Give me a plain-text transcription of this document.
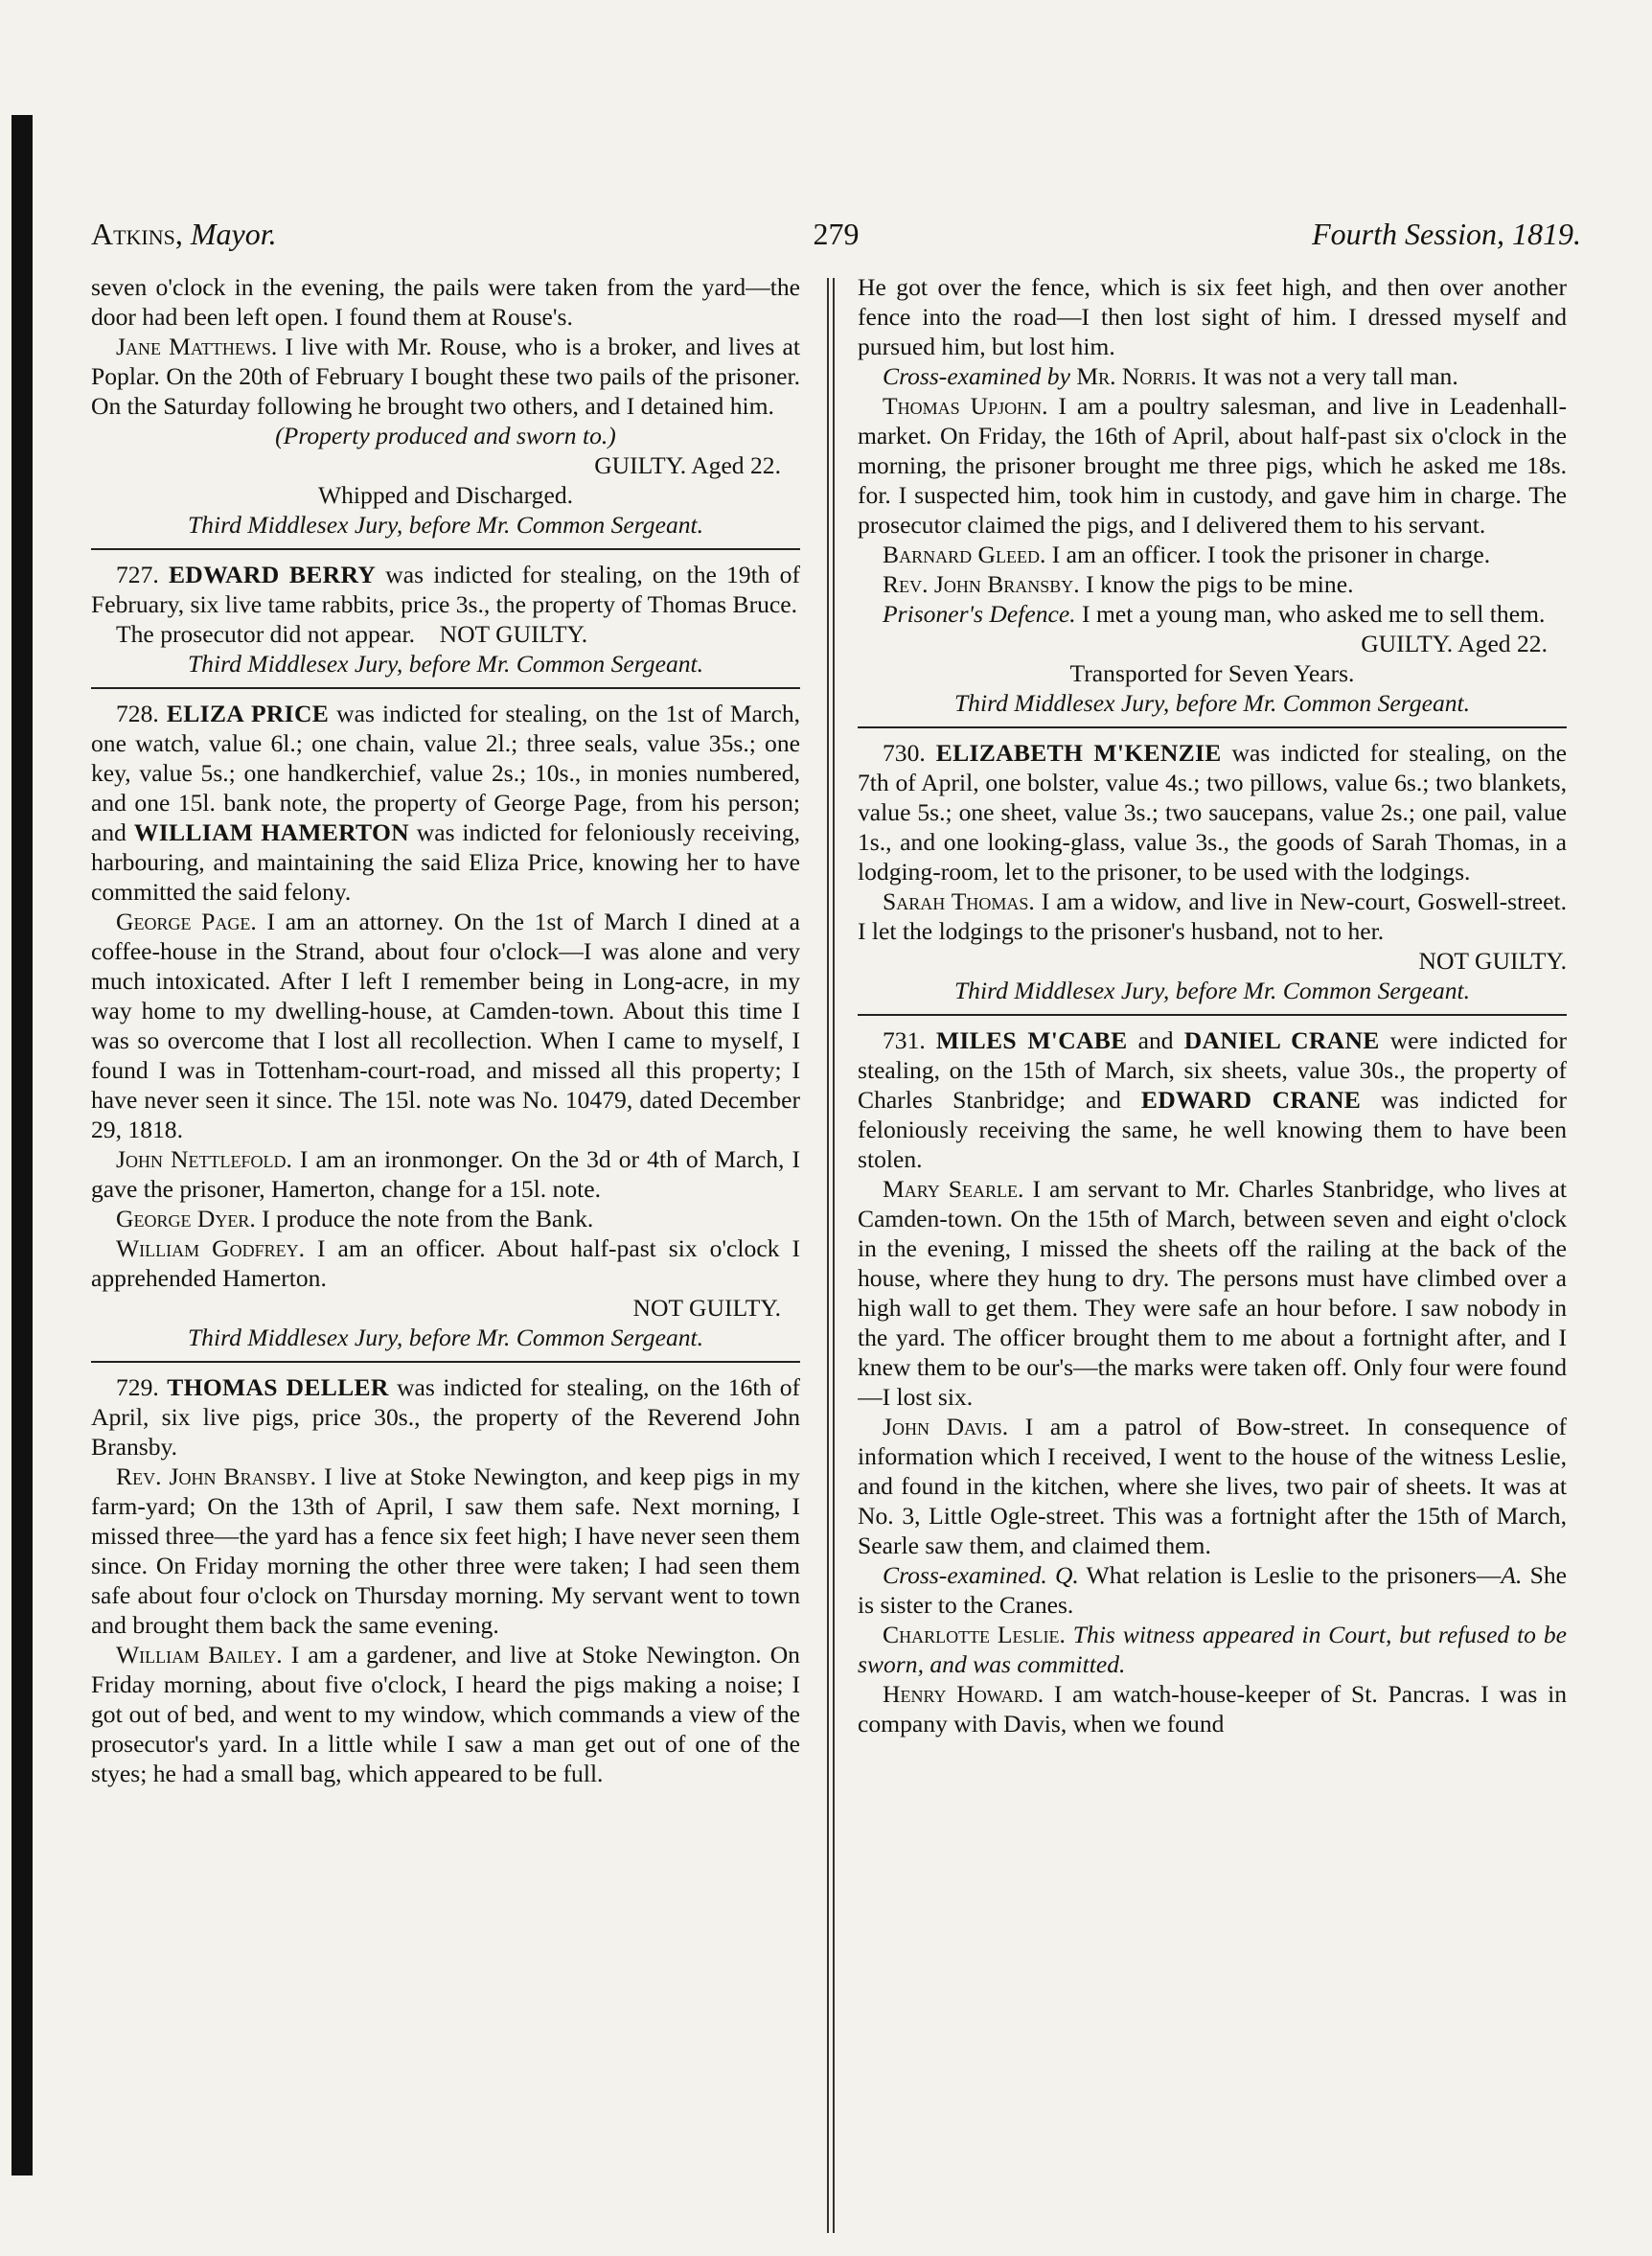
Atkins, Mayor.	279	Fourth Session, 1819.

seven o'clock in the evening, the pails were taken from the yard—the door had been left open. I found them at Rouse's.

Jane Matthews. I live with Mr. Rouse, who is a broker, and lives at Poplar. On the 20th of February I bought these two pails of the prisoner. On the Saturday following he brought two others, and I detained him.

(Property produced and sworn to.)

GUILTY. Aged 22.

Whipped and Discharged.

Third Middlesex Jury, before Mr. Common Sergeant.

727. EDWARD BERRY was indicted for stealing, on the 19th of February, six live tame rabbits, price 3s., the property of Thomas Bruce.

The prosecutor did not appear. NOT GUILTY.

Third Middlesex Jury, before Mr. Common Sergeant.

728. ELIZA PRICE was indicted for stealing, on the 1st of March, one watch, value 6l.; one chain, value 2l.; three seals, value 35s.; one key, value 5s.; one handkerchief, value 2s.; 10s., in monies numbered, and one 15l. bank note, the property of George Page, from his person; and WILLIAM HAMERTON was indicted for feloniously receiving, harbouring, and maintaining the said Eliza Price, knowing her to have committed the said felony.

George Page. I am an attorney. On the 1st of March I dined at a coffee-house in the Strand, about four o'clock—I was alone and very much intoxicated. After I left I remember being in Long-acre, in my way home to my dwelling-house, at Camden-town. About this time I was so overcome that I lost all recollection. When I came to myself, I found I was in Tottenham-court-road, and missed all this property; I have never seen it since. The 15l. note was No. 10479, dated December 29, 1818.

John Nettlefold. I am an ironmonger. On the 3d or 4th of March, I gave the prisoner, Hamerton, change for a 15l. note.

George Dyer. I produce the note from the Bank.

William Godfrey. I am an officer. About half-past six o'clock I apprehended Hamerton.

NOT GUILTY.

Third Middlesex Jury, before Mr. Common Sergeant.

729. THOMAS DELLER was indicted for stealing, on the 16th of April, six live pigs, price 30s., the property of the Reverend John Bransby.

Rev. John Bransby. I live at Stoke Newington, and keep pigs in my farm-yard; On the 13th of April, I saw them safe. Next morning, I missed three—the yard has a fence six feet high; I have never seen them since. On Friday morning the other three were taken; I had seen them safe about four o'clock on Thursday morning. My servant went to town and brought them back the same evening.

William Bailey. I am a gardener, and live at Stoke Newington. On Friday morning, about five o'clock, I heard the pigs making a noise; I got out of bed, and went to my window, which commands a view of the prosecutor's yard. In a little while I saw a man get out of one of the styes; he had a small bag, which appeared to be full.

He got over the fence, which is six feet high, and then over another fence into the road—I then lost sight of him. I dressed myself and pursued him, but lost him.

Cross-examined by Mr. Norris. It was not a very tall man.

Thomas Upjohn. I am a poultry salesman, and live in Leadenhall-market. On Friday, the 16th of April, about half-past six o'clock in the morning, the prisoner brought me three pigs, which he asked me 18s. for. I suspected him, took him in custody, and gave him in charge. The prosecutor claimed the pigs, and I delivered them to his servant.

Barnard Gleed. I am an officer. I took the prisoner in charge.

Rev. John Bransby. I know the pigs to be mine.

Prisoner's Defence. I met a young man, who asked me to sell them.

GUILTY. Aged 22.

Transported for Seven Years.

Third Middlesex Jury, before Mr. Common Sergeant.

730. ELIZABETH M'KENZIE was indicted for stealing, on the 7th of April, one bolster, value 4s.; two pillows, value 6s.; two blankets, value 5s.; one sheet, value 3s.; two saucepans, value 2s.; one pail, value 1s., and one looking-glass, value 3s., the goods of Sarah Thomas, in a lodging-room, let to the prisoner, to be used with the lodgings.

Sarah Thomas. I am a widow, and live in New-court, Goswell-street. I let the lodgings to the prisoner's husband, not to her.

NOT GUILTY.

Third Middlesex Jury, before Mr. Common Sergeant.

731. MILES M'CABE and DANIEL CRANE were indicted for stealing, on the 15th of March, six sheets, value 30s., the property of Charles Stanbridge; and EDWARD CRANE was indicted for feloniously receiving the same, he well knowing them to have been stolen.

Mary Searle. I am servant to Mr. Charles Stanbridge, who lives at Camden-town. On the 15th of March, between seven and eight o'clock in the evening, I missed the sheets off the railing at the back of the house, where they hung to dry. The persons must have climbed over a high wall to get them. They were safe an hour before. I saw nobody in the yard. The officer brought them to me about a fortnight after, and I knew them to be our's—the marks were taken off. Only four were found—I lost six.

John Davis. I am a patrol of Bow-street. In consequence of information which I received, I went to the house of the witness Leslie, and found in the kitchen, where she lives, two pair of sheets. It was at No. 3, Little Ogle-street. This was a fortnight after the 15th of March, Searle saw them, and claimed them.

Cross-examined. Q. What relation is Leslie to the prisoners—A. She is sister to the Cranes.

Charlotte Leslie. This witness appeared in Court, but refused to be sworn, and was committed.

Henry Howard. I am watch-house-keeper of St. Pancras. I was in company with Davis, when we found
